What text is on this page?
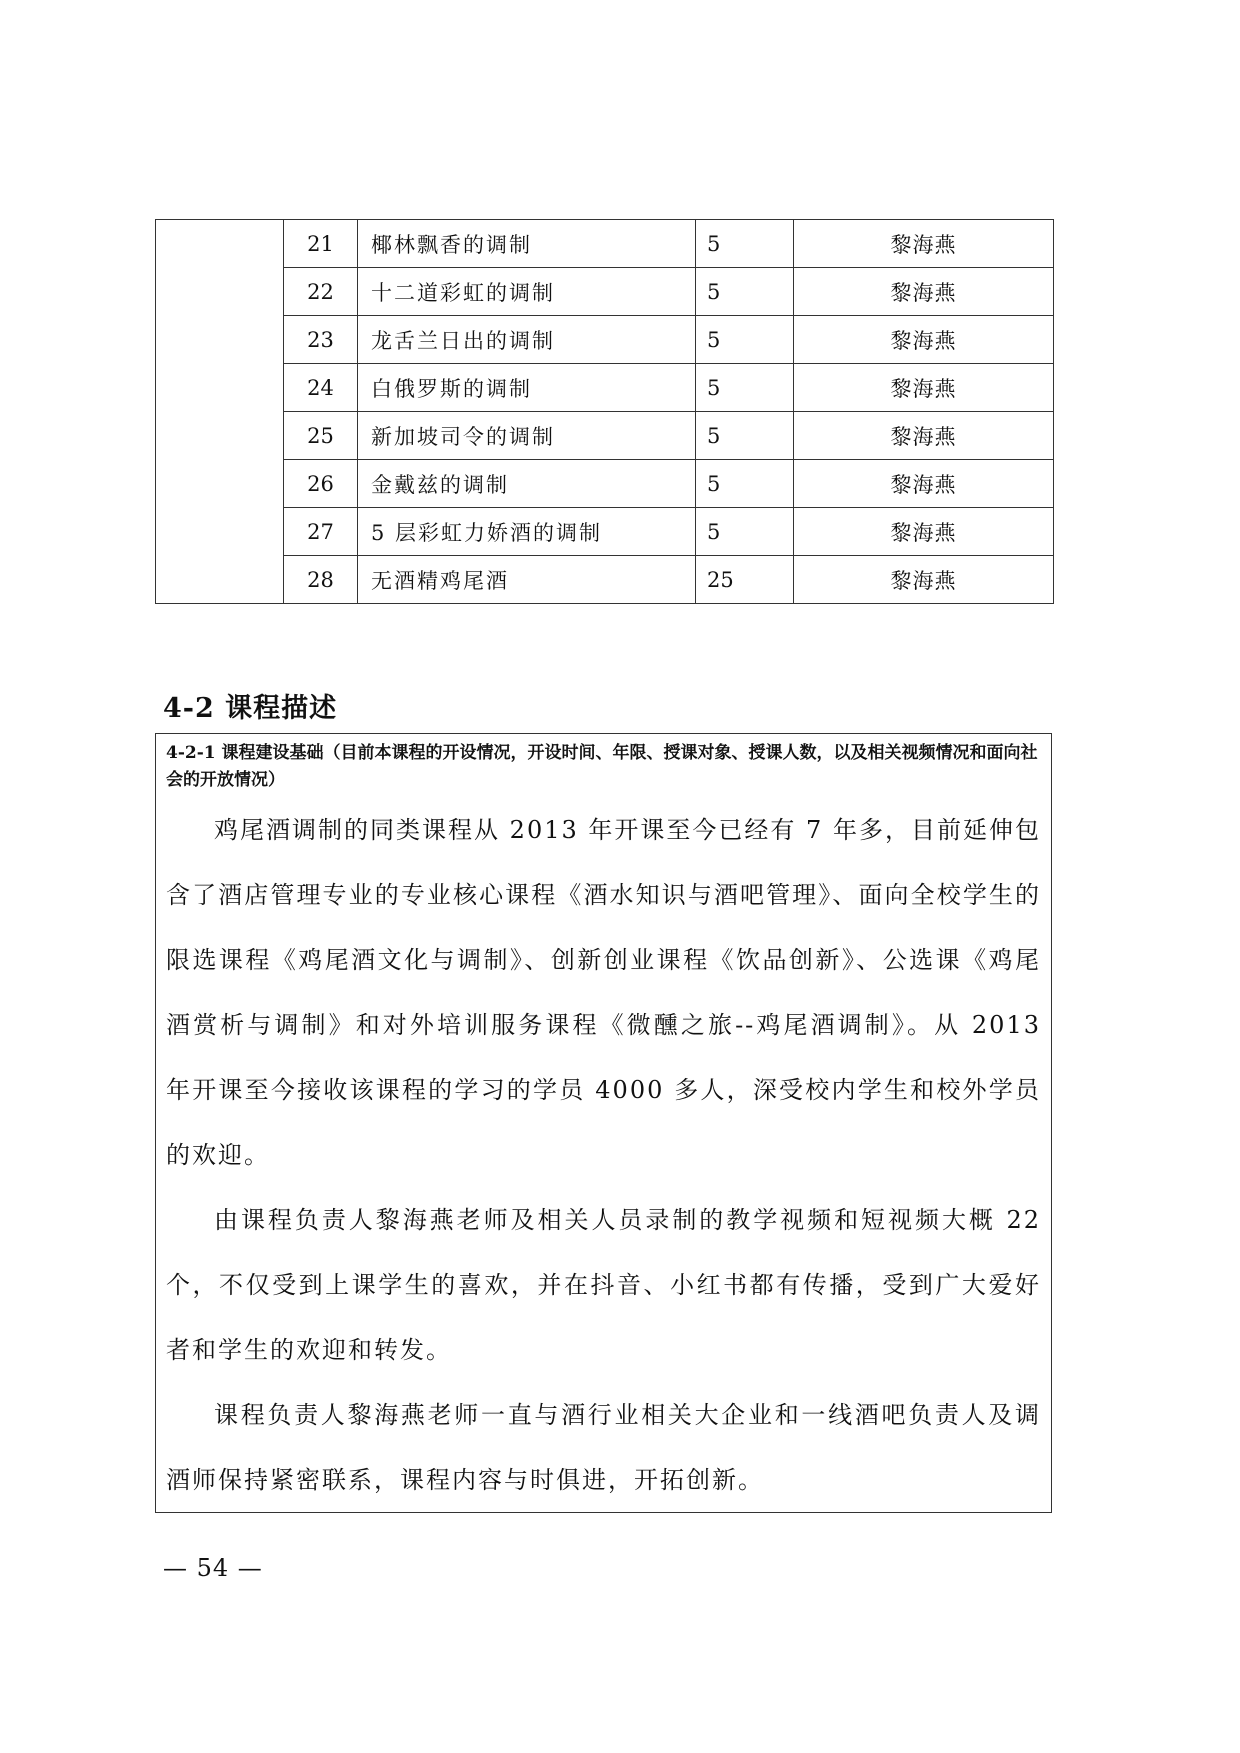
	21	椰林飘香的调制	5	黎海燕
	22	十二道彩虹的调制	5	黎海燕
	23	龙舌兰日出的调制	5	黎海燕
	24	白俄罗斯的调制	5	黎海燕
	25	新加坡司令的调制	5	黎海燕
	26	金戴兹的调制	5	黎海燕
	27	5 层彩虹力娇酒的调制	5	黎海燕
	28	无酒精鸡尾酒	25	黎海燕
4-2 课程描述

4-2-1 课程建设基础（目前本课程的开设情况，开设时间、年限、授课对象、授课人数，以及相关视频情况和面向社会的开放情况）

鸡尾酒调制的同类课程从 2013 年开课至今已经有 7 年多，目前延伸包含了酒店管理专业的专业核心课程《酒水知识与酒吧管理》、面向全校学生的限选课程《鸡尾酒文化与调制》、创新创业课程《饮品创新》、公选课《鸡尾酒赏析与调制》和对外培训服务课程《微醺之旅--鸡尾酒调制》。从 2013 年开课至今接收该课程的学习的学员 4000 多人，深受校内学生和校外学员的欢迎。

由课程负责人黎海燕老师及相关人员录制的教学视频和短视频大概 22 个，不仅受到上课学生的喜欢，并在抖音、小红书都有传播，受到广大爱好者和学生的欢迎和转发。

课程负责人黎海燕老师一直与酒行业相关大企业和一线酒吧负责人及调酒师保持紧密联系，课程内容与时俱进，开拓创新。

— 54 —
